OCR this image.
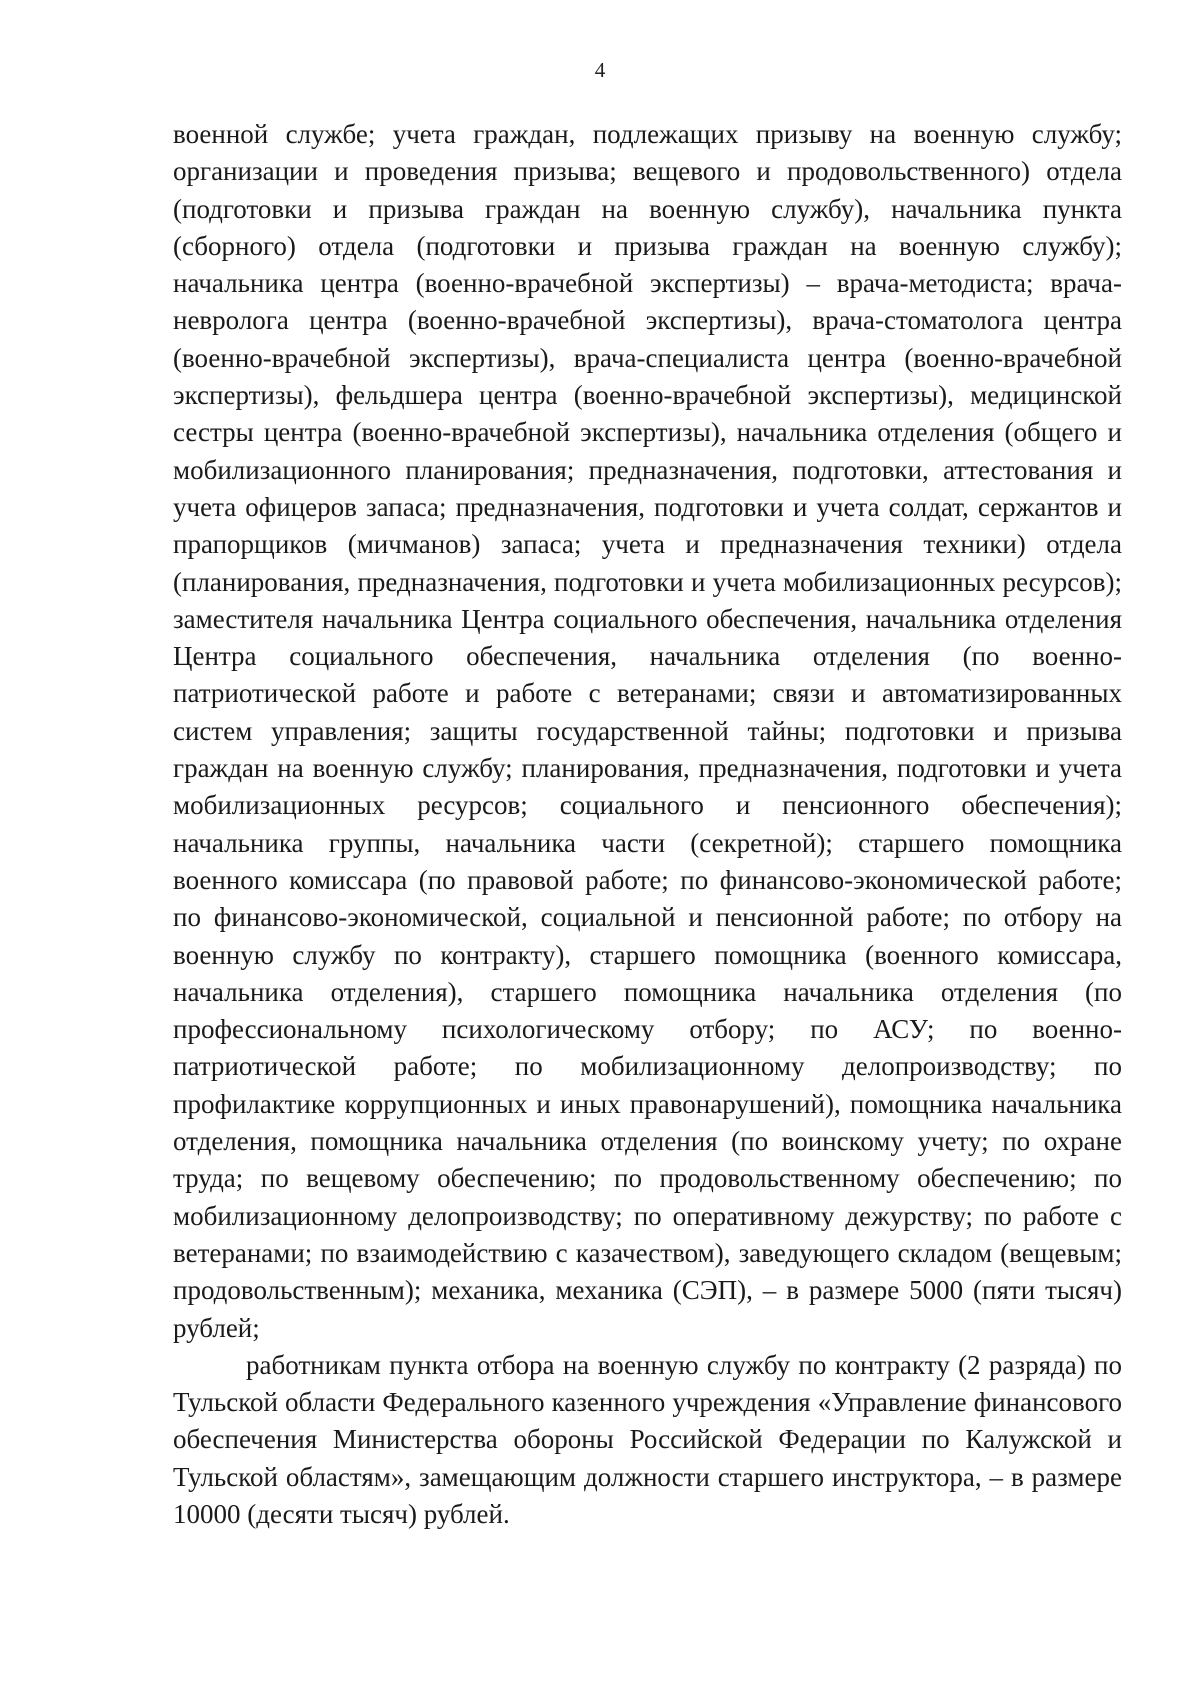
4

военной службе; учета граждан, подлежащих призыву на военную службу; организации и проведения призыва; вещевого и продовольственного) отдела (подготовки и призыва граждан на военную службу), начальника пункта (сборного) отдела (подготовки и призыва граждан на военную службу); начальника центра (военно-врачебной экспертизы) – врача-методиста; врача-невролога центра (военно-врачебной экспертизы), врача-стоматолога центра (военно-врачебной экспертизы), врача-специалиста центра (военно-врачебной экспертизы), фельдшера центра (военно-врачебной экспертизы), медицинской сестры центра (военно-врачебной экспертизы), начальника отделения (общего и мобилизационного планирования; предназначения, подготовки, аттестования и учета офицеров запаса; предназначения, подготовки и учета солдат, сержантов и прапорщиков (мичманов) запаса; учета и предназначения техники) отдела (планирования, предназначения, подготовки и учета мобилизационных ресурсов); заместителя начальника Центра социального обеспечения, начальника отделения Центра социального обеспечения, начальника отделения (по военно-патриотической работе и работе с ветеранами; связи и автоматизированных систем управления; защиты государственной тайны; подготовки и призыва граждан на военную службу; планирования, предназначения, подготовки и учета мобилизационных ресурсов; социального и пенсионного обеспечения); начальника группы, начальника части (секретной); старшего помощника военного комиссара (по правовой работе; по финансово-экономической работе; по финансово-экономической, социальной и пенсионной работе; по отбору на военную службу по контракту), старшего помощника (военного комиссара, начальника отделения), старшего помощника начальника отделения (по профессиональному психологическому отбору; по АСУ; по военно-патриотической работе; по мобилизационному делопроизводству; по профилактике коррупционных и иных правонарушений), помощника начальника отделения, помощника начальника отделения (по воинскому учету; по охране труда; по вещевому обеспечению; по продовольственному обеспечению; по мобилизационному делопроизводству; по оперативному дежурству; по работе с ветеранами; по взаимодействию с казачеством), заведующего складом (вещевым; продовольственным); механика, механика (СЭП), – в размере 5000 (пяти тысяч) рублей;

работникам пункта отбора на военную службу по контракту (2 разряда) по Тульской области Федерального казенного учреждения «Управление финансового обеспечения Министерства обороны Российской Федерации по Калужской и Тульской областям», замещающим должности старшего инструктора, – в размере 10000 (десяти тысяч) рублей.
